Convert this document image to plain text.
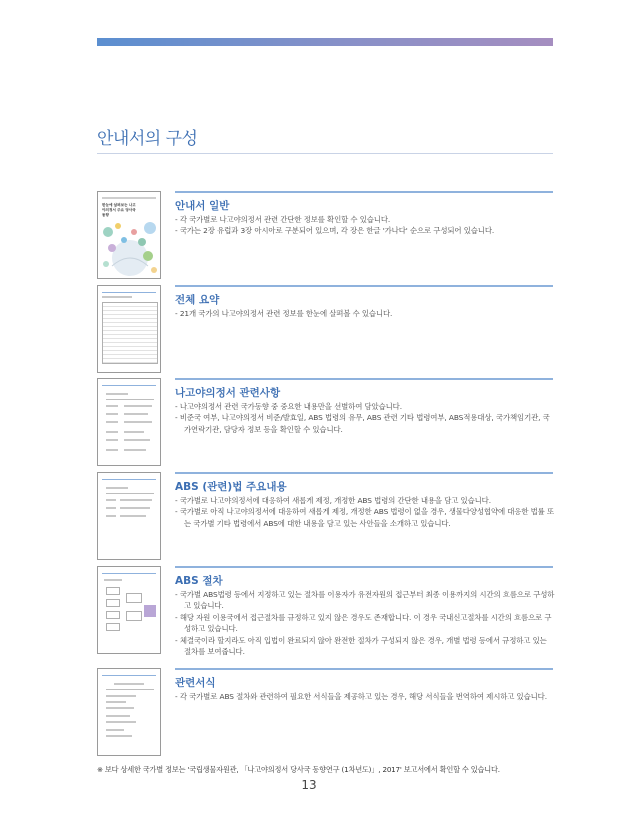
안내서의 구성
한눈에 살펴보는 나고야의정서 주요 당사국 동향
안내서 일반
- 각 국가별로 나고야의정서 관련 간단한 정보를 확인할 수 있습니다.
- 국가는 2장 유럽과 3장 아시아로 구분되어 있으며, 각 장은 한글 '가나다' 순으로 구성되어 있습니다.
전체 요약
- 21개 국가의 나고야의정서 관련 정보를 한눈에 살펴볼 수 있습니다.
나고야의정서 관련사항
- 나고야의정서 관련 국가동향 중 중요한 내용만을 선별하여 담았습니다.
- 비준국 여부, 나고야의정서 비준/발효일, ABS 법령의 유무, ABS 관련 기타 법령여부, ABS적용대상, 국가책임기관, 국가연락기관, 담당자 정보 등을 확인할 수 있습니다.
ABS (관련)법 주요내용
- 국가별로 나고야의정서에 대응하여 새롭게 제정, 개정한 ABS 법령의 간단한 내용을 담고 있습니다.
- 국가별로 아직 나고야의정서에 대응하여 새롭게 제정, 개정한 ABS 법령이 없을 경우, 생물다양성협약에 대응한 법률 또는 국가별 기타 법령에서 ABS에 대한 내용을 담고 있는 사안들을 소개하고 있습니다.
ABS 절차
- 국가별 ABS법령 등에서 지정하고 있는 절차를 이용자가 유전자원의 접근부터 최종 이용까지의 시간의 흐름으로 구성하고 있습니다.
- 해당 자원 이용국에서 접근절차를 규정하고 있지 않은 경우도 존재합니다. 이 경우 국내신고절차를 시간의 흐름으로 구성하고 있습니다.
- 체결국이라 할지라도 아직 입법이 완료되지 않아 완전한 절차가 구성되지 않은 경우, 개별 법령 등에서 규정하고 있는 절차를 보여줍니다.
관련서식
- 각 국가별로 ABS 절차와 관련하여 필요한 서식들을 제공하고 있는 경우, 해당 서식들을 번역하여 제시하고 있습니다.
※ 보다 상세한 국가별 정보는 '국립생물자원관, 「나고야의정서 당사국 동향연구 (1차년도)」, 2017' 보고서에서 확인할 수 있습니다.
13
